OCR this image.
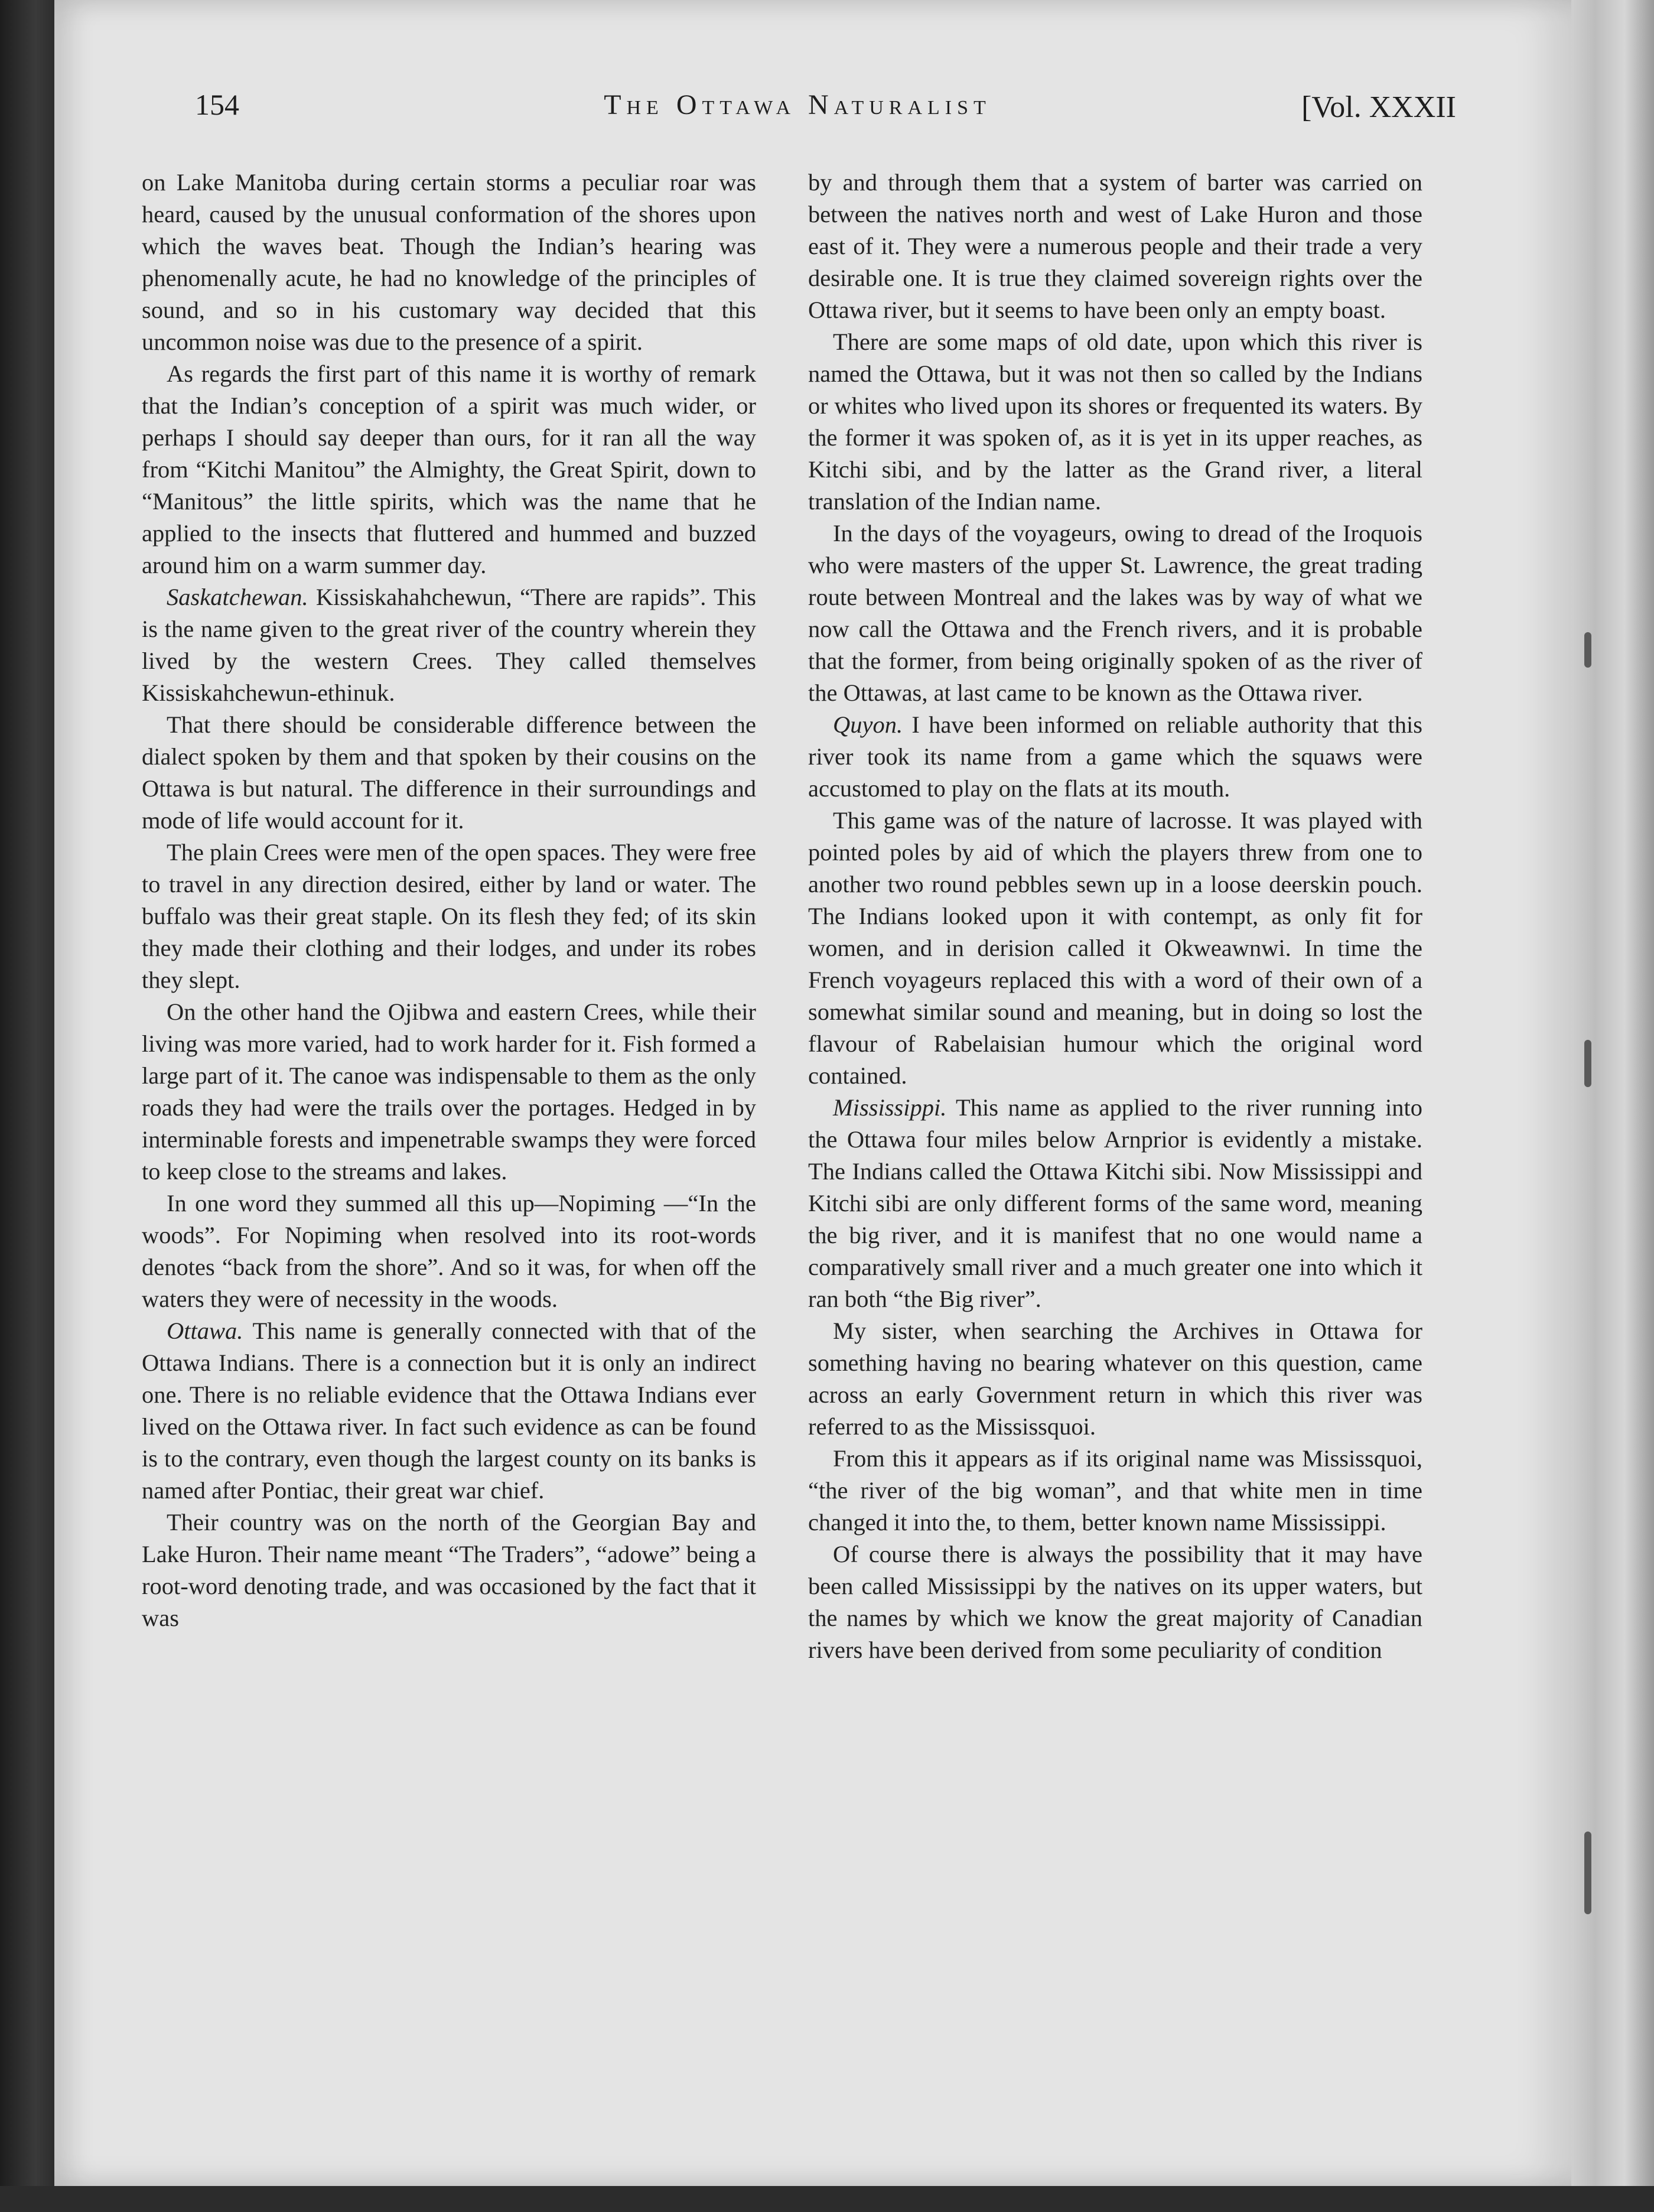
154	The Ottawa Naturalist	[Vol. XXXII

on Lake Manitoba during certain storms a peculiar roar was heard, caused by the unusual conformation of the shores upon which the waves beat. Though the Indian’s hearing was phenomenally acute, he had no knowledge of the principles of sound, and so in his customary way decided that this uncommon noise was due to the presence of a spirit.

As regards the first part of this name it is worthy of remark that the Indian’s conception of a spirit was much wider, or perhaps I should say deeper than ours, for it ran all the way from “Kitchi Manitou” the Almighty, the Great Spirit, down to “Manitous” the little spirits, which was the name that he applied to the insects that fluttered and hummed and buzzed around him on a warm summer day.

Saskatchewan. Kissiskahahchewun, “There are rapids”. This is the name given to the great river of the country wherein they lived by the western Crees. They called themselves Kissiskahchewun-ethinuk.

That there should be considerable difference between the dialect spoken by them and that spoken by their cousins on the Ottawa is but natural. The difference in their surroundings and mode of life would account for it.

The plain Crees were men of the open spaces. They were free to travel in any direction desired, either by land or water. The buffalo was their great staple. On its flesh they fed; of its skin they made their clothing and their lodges, and under its robes they slept.

On the other hand the Ojibwa and eastern Crees, while their living was more varied, had to work harder for it. Fish formed a large part of it. The canoe was indispensable to them as the only roads they had were the trails over the portages. Hedged in by interminable forests and impenetrable swamps they were forced to keep close to the streams and lakes.

In one word they summed all this up—Nopiming —“In the woods”. For Nopiming when resolved into its root-words denotes “back from the shore”. And so it was, for when off the waters they were of necessity in the woods.

Ottawa. This name is generally connected with that of the Ottawa Indians. There is a connection but it is only an indirect one. There is no reliable evidence that the Ottawa Indians ever lived on the Ottawa river. In fact such evidence as can be found is to the contrary, even though the largest county on its banks is named after Pontiac, their great war chief.

Their country was on the north of the Georgian Bay and Lake Huron. Their name meant “The Traders”, “adowe” being a root-word denoting trade, and was occasioned by the fact that it was

by and through them that a system of barter was carried on between the natives north and west of Lake Huron and those east of it. They were a numerous people and their trade a very desirable one. It is true they claimed sovereign rights over the Ottawa river, but it seems to have been only an empty boast.

There are some maps of old date, upon which this river is named the Ottawa, but it was not then so called by the Indians or whites who lived upon its shores or frequented its waters. By the former it was spoken of, as it is yet in its upper reaches, as Kitchi sibi, and by the latter as the Grand river, a literal translation of the Indian name.

In the days of the voyageurs, owing to dread of the Iroquois who were masters of the upper St. Lawrence, the great trading route between Montreal and the lakes was by way of what we now call the Ottawa and the French rivers, and it is probable that the former, from being originally spoken of as the river of the Ottawas, at last came to be known as the Ottawa river.

Quyon. I have been informed on reliable authority that this river took its name from a game which the squaws were accustomed to play on the flats at its mouth.

This game was of the nature of lacrosse. It was played with pointed poles by aid of which the players threw from one to another two round pebbles sewn up in a loose deerskin pouch. The Indians looked upon it with contempt, as only fit for women, and in derision called it Okweawnwi. In time the French voyageurs replaced this with a word of their own of a somewhat similar sound and meaning, but in doing so lost the flavour of Rabelaisian humour which the original word contained.

Mississippi. This name as applied to the river running into the Ottawa four miles below Arnprior is evidently a mistake. The Indians called the Ottawa Kitchi sibi. Now Mississippi and Kitchi sibi are only different forms of the same word, meaning the big river, and it is manifest that no one would name a comparatively small river and a much greater one into which it ran both “the Big river”.

My sister, when searching the Archives in Ottawa for something having no bearing whatever on this question, came across an early Government return in which this river was referred to as the Mississquoi.

From this it appears as if its original name was Mississquoi, “the river of the big woman”, and that white men in time changed it into the, to them, better known name Mississippi.

Of course there is always the possibility that it may have been called Mississippi by the natives on its upper waters, but the names by which we know the great majority of Canadian rivers have been derived from some peculiarity of condition
